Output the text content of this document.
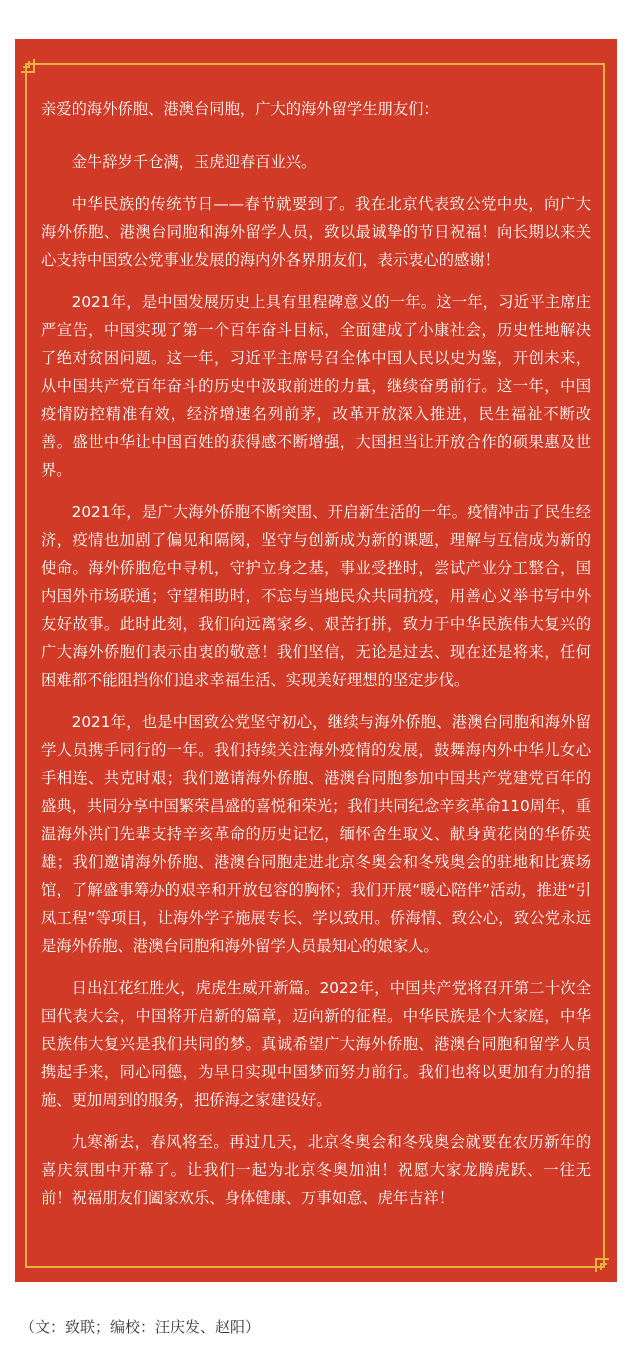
亲爱的海外侨胞、港澳台同胞，广大的海外留学生朋友们：

金牛辞岁千仓满，玉虎迎春百业兴。

中华民族的传统节日——春节就要到了。我在北京代表致公党中央，向广大海外侨胞、港澳台同胞和海外留学人员，致以最诚挚的节日祝福！向长期以来关心支持中国致公党事业发展的海内外各界朋友们，表示衷心的感谢！

2021年，是中国发展历史上具有里程碑意义的一年。这一年，习近平主席庄严宣告，中国实现了第一个百年奋斗目标，全面建成了小康社会，历史性地解决了绝对贫困问题。这一年，习近平主席号召全体中国人民以史为鉴，开创未来，从中国共产党百年奋斗的历史中汲取前进的力量，继续奋勇前行。这一年，中国疫情防控精准有效，经济增速名列前茅，改革开放深入推进，民生福祉不断改善。盛世中华让中国百姓的获得感不断增强，大国担当让开放合作的硕果惠及世界。

2021年，是广大海外侨胞不断突围、开启新生活的一年。疫情冲击了民生经济，疫情也加剧了偏见和隔阂，坚守与创新成为新的课题，理解与互信成为新的使命。海外侨胞危中寻机，守护立身之基，事业受挫时，尝试产业分工整合，国内国外市场联通；守望相助时，不忘与当地民众共同抗疫，用善心义举书写中外友好故事。此时此刻，我们向远离家乡、艰苦打拼，致力于中华民族伟大复兴的广大海外侨胞们表示由衷的敬意！我们坚信，无论是过去、现在还是将来，任何困难都不能阻挡你们追求幸福生活、实现美好理想的坚定步伐。

2021年，也是中国致公党坚守初心，继续与海外侨胞、港澳台同胞和海外留学人员携手同行的一年。我们持续关注海外疫情的发展，鼓舞海内外中华儿女心手相连、共克时艰；我们邀请海外侨胞、港澳台同胞参加中国共产党建党百年的盛典，共同分享中国繁荣昌盛的喜悦和荣光；我们共同纪念辛亥革命110周年，重温海外洪门先辈支持辛亥革命的历史记忆，缅怀舍生取义、献身黄花岗的华侨英雄；我们邀请海外侨胞、港澳台同胞走进北京冬奥会和冬残奥会的驻地和比赛场馆，了解盛事筹办的艰辛和开放包容的胸怀；我们开展“暖心陪伴”活动，推进“引凤工程”等项目，让海外学子施展专长、学以致用。侨海情、致公心，致公党永远是海外侨胞、港澳台同胞和海外留学人员最知心的娘家人。

日出江花红胜火，虎虎生威开新篇。2022年，中国共产党将召开第二十次全国代表大会，中国将开启新的篇章，迈向新的征程。中华民族是个大家庭，中华民族伟大复兴是我们共同的梦。真诚希望广大海外侨胞、港澳台同胞和留学人员携起手来，同心同德，为早日实现中国梦而努力前行。我们也将以更加有力的措施、更加周到的服务，把侨海之家建设好。

九寒渐去，春风将至。再过几天，北京冬奥会和冬残奥会就要在农历新年的喜庆氛围中开幕了。让我们一起为北京冬奥加油！祝愿大家龙腾虎跃、一往无前！祝福朋友们阖家欢乐、身体健康、万事如意、虎年吉祥！

（文：致联；编校：汪庆发、赵阳）
